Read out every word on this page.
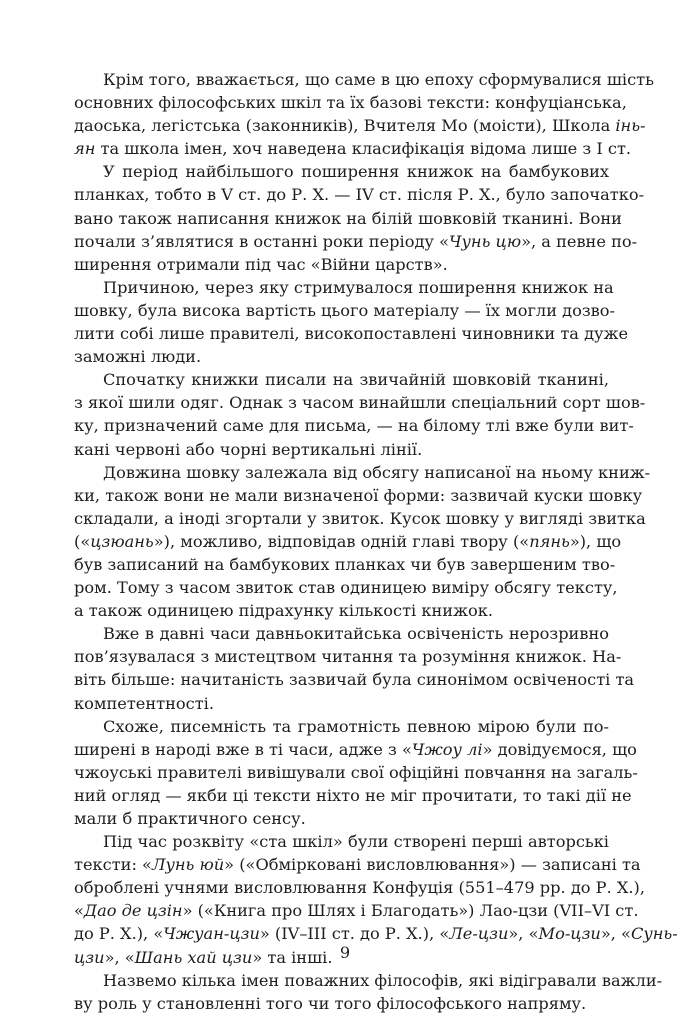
Крім того, вважається, що саме в цю епоху сформувалися шість
основних філософських шкіл та їх базові тексти: конфуціанська,
даоська, легістська (законників), Вчителя Мо (моісти), Школа інь-
ян та школа імен, хоч наведена класифікація відома лише з І ст.
У період найбільшого поширення книжок на бамбукових
планках, тобто в V ст. до Р. Х. — IV ст. після Р. Х., було започатко-
вано також написання книжок на білій шовковій тканині. Вони
почали з’являтися в останні роки періоду «Чунь цю», а певне по-
ширення отримали під час «Війни царств».
Причиною, через яку стримувалося поширення книжок на
шовку, була висока вартість цього матеріалу — їх могли дозво-
лити собі лише правителі, високопоставлені чиновники та дуже
заможні люди.
Спочатку книжки писали на звичайній шовковій тканині,
з якої шили одяг. Однак з часом винайшли спеціальний сорт шов-
ку, призначений саме для письма, — на білому тлі вже були вит-
кані червоні або чорні вертикальні лінії.
Довжина шовку залежала від обсягу написаної на ньому книж-
ки, також вони не мали визначеної форми: зазвичай куски шовку
складали, а іноді згортали у звиток. Кусок шовку у вигляді звитка
(«цзюань»), можливо, відповідав одній главі твору («пянь»), що
був записаний на бамбукових планках чи був завершеним тво-
ром. Тому з часом звиток став одиницею виміру обсягу тексту,
а також одиницею підрахунку кількості книжок.
Вже в давні часи давньокитайська освіченість нерозривно
пов’язувалася з мистецтвом читання та розуміння книжок. На-
віть більше: начитаність зазвичай була синонімом освіченості та
компетентності.
Схоже, писемність та грамотність певною мірою були по-
ширені в народі вже в ті часи, адже з «Чжоу лі» довідуємося, що
чжоуські правителі вивішували свої офіційні повчання на загаль-
ний огляд — якби ці тексти ніхто не міг прочитати, то такі дії не
мали б практичного сенсу.
Під час розквіту «ста шкіл» були створені перші авторські
тексти: «Лунь юй» («Обмірковані висловлювання») — записані та
оброблені учнями висловлювання Конфуція (551–479 рр. до Р. Х.),
«Дао де цзін» («Книга про Шлях і Благодать») Лао-цзи (VII–VI ст.
до Р. Х.), «Чжуан-цзи» (IV–III ст. до Р. Х.), «Ле-цзи», «Мо-цзи», «Сунь-
цзи», «Шань хай цзи» та інші.
Назвемо кілька імен поважних філософів, які відігравали важли-
ву роль у становленні того чи того філософського напряму.
9
